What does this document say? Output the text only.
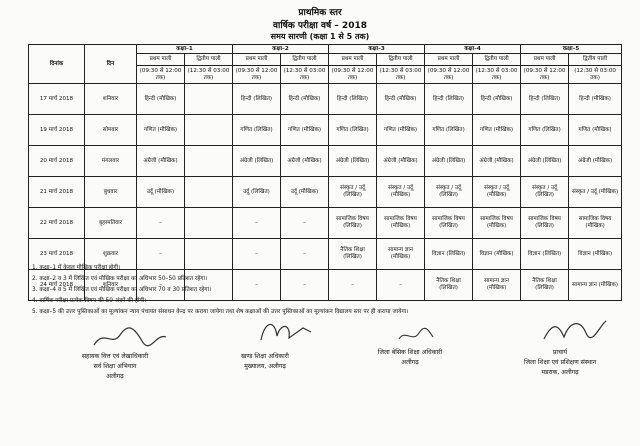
प्राथमिक स्तर
वार्षिक परीक्षा वर्ष – 2018
समय सारणी (कक्षा 1 से 5 तक)
दिनांक	दिन	कक्षा–1		कक्षा–2		कक्षा–3		कक्षा–4		कक्षा–5	
		प्रथम पाली	द्वितीय पाली	प्रथम पाली	द्वितीय पाली	प्रथम पाली	द्वितीय पाली	प्रथम पाली	द्वितीय पाली	प्रथम पाली	द्वितीय पाली
		(09:30 से 12:00 तक)	(12:30 से 03:00 तक)	(09:30 से 12:00 तक)	(12:30 से 03:00 तक)	(09:30 से 12:00 तक)	(12:30 से 03:00 तक)	(09:30 से 12:00 तक)	(12:30 से 03:00 तक)	(09:30 से 12:00 तक)	(12:30 से 03:00 तक)
17 मार्च 2018	शनिवार	हिन्दी (मौखिक)		हिन्दी (लिखित)	हिन्दी (मौखिक)	हिन्दी (लिखित)	हिन्दी (मौखिक)	हिन्दी (लिखित)	हिन्दी (मौखिक)	हिन्दी (लिखित)	हिन्दी (मौखिक)
19 मार्च 2018	सोमवार	गणित (मौखिक)		गणित (लिखित)	गणित (मौखिक)	गणित (लिखित)	गणित (मौखिक)	गणित (लिखित)	गणित (मौखिक)	गणित (लिखित)	गणित (मौखिक)
20 मार्च 2018	मंगलवार	अंग्रेजी (मौखिक)		अंग्रेजी (लिखित)	अंग्रेजी (मौखिक)	अंग्रेजी (लिखित)	अंग्रेजी (मौखिक)	अंग्रेजी (लिखित)	अंग्रेजी (मौखिक)	अंग्रेजी (लिखित)	अंग्रेजी (मौखिक)
21 मार्च 2018	बुधवार	उर्दू (मौखिक)		उर्दू (लिखित)	उर्दू (मौखिक)	संस्कृत / उर्दू (लिखित)	संस्कृत / उर्दू (मौखिक)	संस्कृत / उर्दू (लिखित)	संस्कृत / उर्दू (मौखिक)	संस्कृत / उर्दू (लिखित)	संस्कृत / उर्दू (मौखिक)
22 मार्च 2018	बृहस्पतिवार	–		–	–	सामाजिक विषय (लिखित)	सामाजिक विषय (मौखिक)	सामाजिक विषय (लिखित)	सामाजिक विषय (मौखिक)	सामाजिक विषय (लिखित)	सामाजिक विषय (मौखिक)
23 मार्च 2018	शुक्रवार	–		–	–	नैतिक शिक्षा (लिखित)	सामान्य ज्ञान (मौखिक)	विज्ञान (लिखित)	विज्ञान (मौखिक)	विज्ञान (लिखित)	विज्ञान (मौखिक)
24 मार्च 2018	शनिवार	–		–	–	–	–	नैतिक शिक्षा (लिखित)	सामान्य ज्ञान (मौखिक)	नैतिक शिक्षा (लिखित)	सामान्य ज्ञान (मौखिक)
1. कक्षा–1 में केवल मौखिक परीक्षा होगी।
2. कक्षा–2 व 3 में लिखित एवं मौखिक परीक्षा का अधिभार 50–50 प्रतिशत रहेगा।
3. कक्षा–4 व 5 में लिखित एवं मौखिक परीक्षा का अधिभार 70 व 30 प्रतिशत रहेगा।
4. वार्षिक परीक्षा प्रत्येक विषय की 50 अंकों की होगी।
5. कक्षा–5 की उत्तर पुस्तिकाओं का मूल्यांकन न्याय पंचायत संसाधन केन्द्र पर कराया जायेगा तथा शेष कक्षाओं की उत्तर पुस्तिकाओं का मूल्यांकन विद्यालय स्तर पर ही कराया जायेगा।
सहायक वित्त एवं लेखाधिकारी
सर्व शिक्षा अभियान
अलीगढ़
खण्ड शिक्षा अधिकारी
मुख्यालय, अलीगढ़
जिला बेसिक शिक्षा अधिकारी
अलीगढ़
प्राचार्य
जिला शिक्षा एवं प्रशिक्षण संस्थान
मडराक, अलीगढ़
